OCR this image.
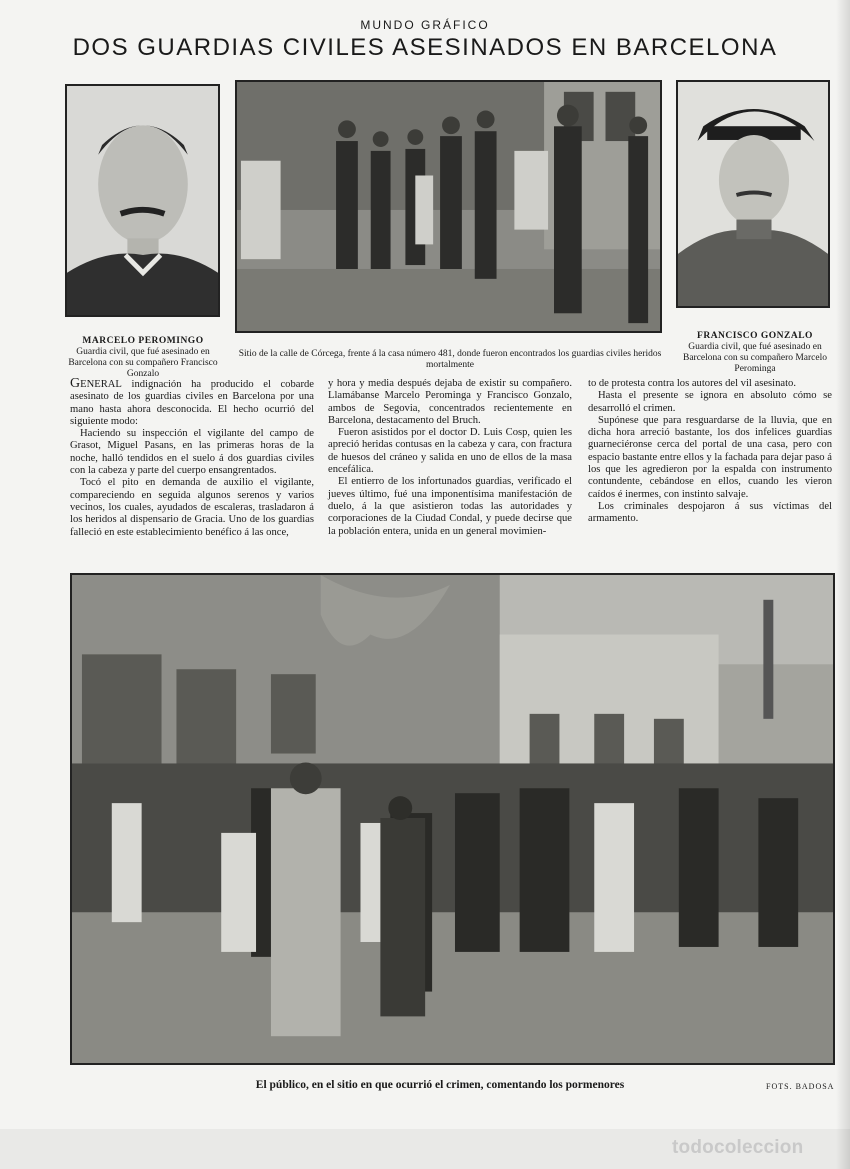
MUNDO GRÁFICO
DOS GUARDIAS CIVILES ASESINADOS EN BARCELONA
MARCELO PEROMINGO
Guardia civil, que fué asesinado en Barcelona con su compañero Francisco Gonzalo
Sitio de la calle de Córcega, frente á la casa número 481, donde fueron encontrados los guardias civiles heridos mortalmente
FRANCISCO GONZALO
Guardia civil, que fué asesinado en Barcelona con su compañero Marcelo Perominga

GENERAL indignación ha producido el cobarde asesinato de los guardias civiles en Barcelona por una mano hasta ahora desconocida. El hecho ocurrió del siguiente modo:

Haciendo su inspección el vigilante del campo de Grasot, Miguel Pasans, en las primeras horas de la noche, halló tendidos en el suelo á dos guardias civiles con la cabeza y parte del cuerpo ensangrentados.

Tocó el pito en demanda de auxilio el vigilante, compareciendo en seguida algunos serenos y varios vecinos, los cuales, ayudados de escaleras, trasladaron á los heridos al dispensario de Gracia. Uno de los guardias falleció en este establecimiento benéfico á las once,

y hora y media después dejaba de existir su compañero. Llamábanse Marcelo Perominga y Francisco Gonzalo, ambos de Segovia, concentrados recientemente en Barcelona, destacamento del Bruch.

Fueron asistidos por el doctor D. Luis Cosp, quien les apreció heridas contusas en la cabeza y cara, con fractura de huesos del cráneo y salida en uno de ellos de la masa encefálica.

El entierro de los infortunados guardias, verificado el jueves último, fué una imponentísima manifestación de duelo, á la que asistieron todas las autoridades y corporaciones de la Ciudad Condal, y puede decirse que la población entera, unida en un general movimien-

to de protesta contra los autores del vil asesinato.

Hasta el presente se ignora en absoluto cómo se desarrolló el crimen.

Supónese que para resguardarse de la lluvia, que en dicha hora arreció bastante, los dos infelices guardias guarneciéronse cerca del portal de una casa, pero con espacio bastante entre ellos y la fachada para dejar paso á los que les agredieron por la espalda con instrumento contundente, cebándose en ellos, cuando les vieron caídos é inermes, con instinto salvaje.

Los criminales despojaron á sus víctimas del armamento.

El público, en el sitio en que ocurrió el crimen, comentando los pormenores	FOTS. BADOSA
todocoleccion
